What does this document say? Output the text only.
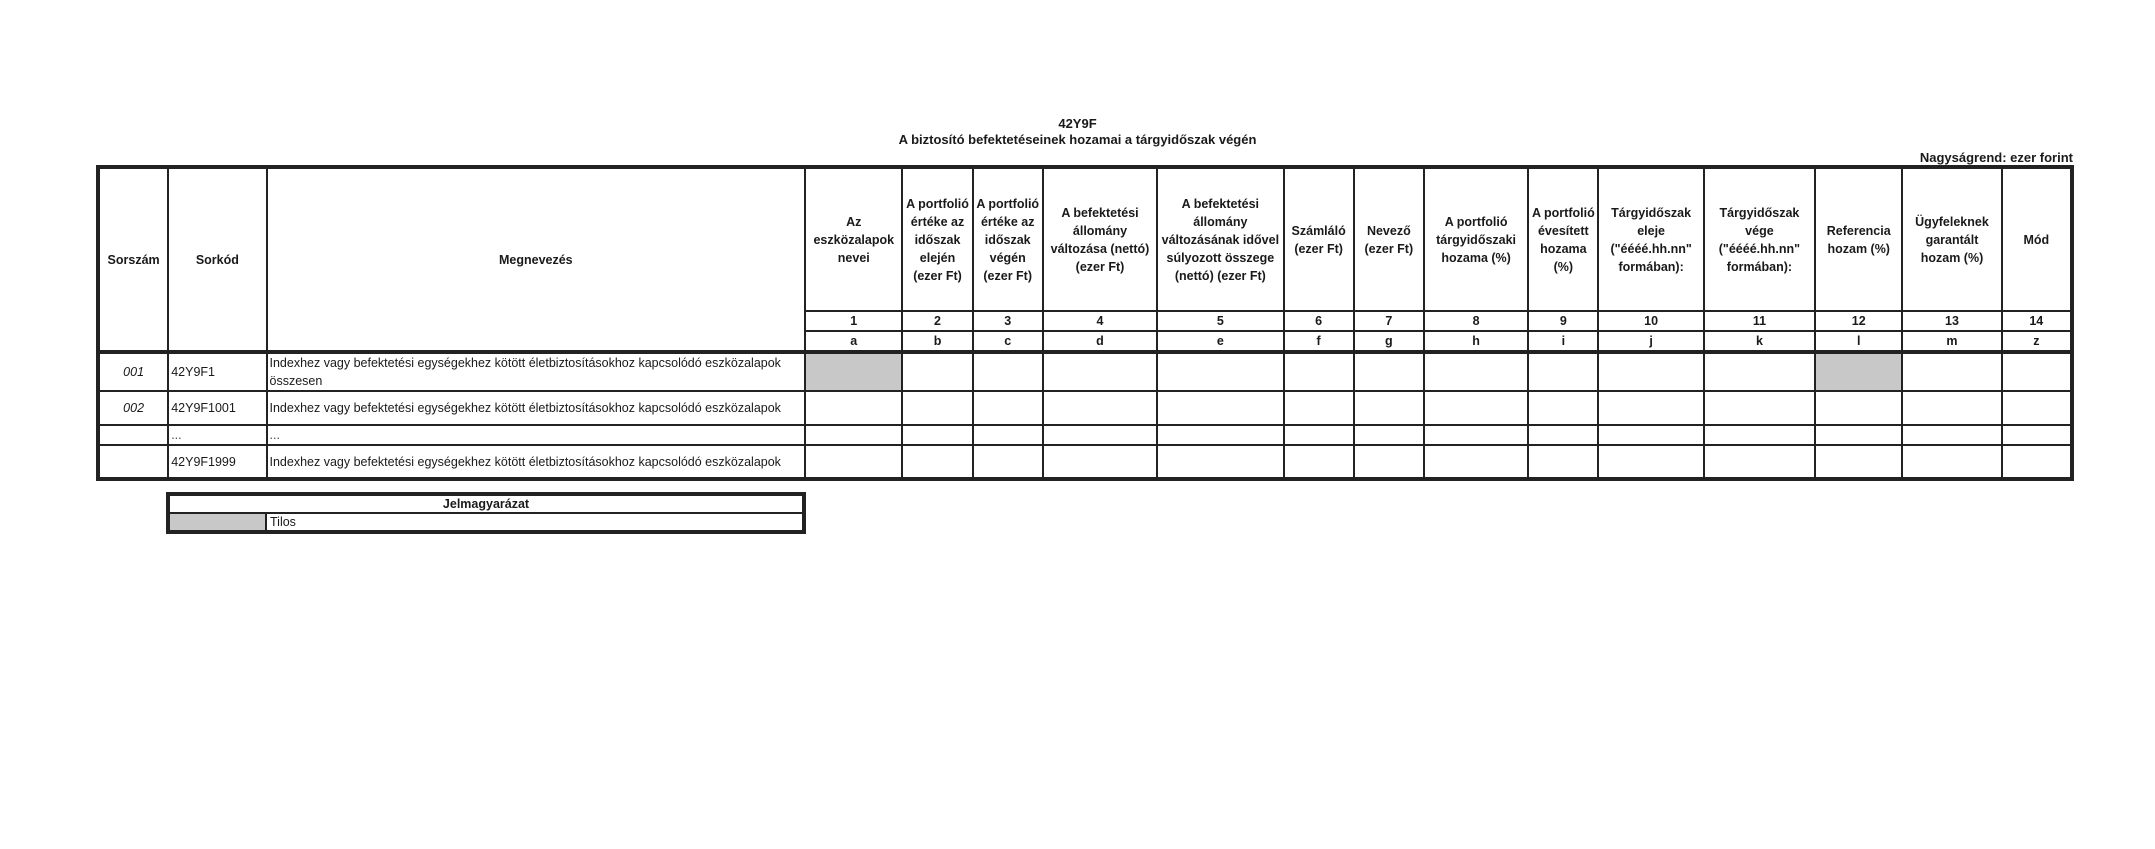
42Y9F
A biztosító befektetéseinek hozamai a tárgyidőszak végén
Nagyságrend: ezer forint
Sorszám	Sorkód	Megnevezés	Az eszközalapok nevei	A portfolió értéke az időszak elején (ezer Ft)	A portfolió értéke az időszak végén (ezer Ft)	A befektetési állomány változása (nettó) (ezer Ft)	A befektetési állomány változásának idővel súlyozott összege (nettó) (ezer Ft)	Számláló (ezer Ft)	Nevező (ezer Ft)	A portfolió tárgyidőszaki hozama (%)	A portfolió évesített hozama (%)	Tárgyidőszak eleje ("éééé.hh.nn" formában):	Tárgyidőszak vége ("éééé.hh.nn" formában):	Referencia hozam (%)	Ügyfeleknek garantált hozam (%)	Mód
			1	2	3	4	5	6	7	8	9	10	11	12	13	14
			a	b	c	d	e	f	g	h	i	j	k	l	m	z
001	42Y9F1	Indexhez vagy befektetési egységekhez kötött életbiztosításokhoz kapcsolódó eszközalapok összesen														
002	42Y9F1001	Indexhez vagy befektetési egységekhez kötött életbiztosításokhoz kapcsolódó eszközalapok														
	...	...														
	42Y9F1999	Indexhez vagy befektetési egységekhez kötött életbiztosításokhoz kapcsolódó eszközalapok														
Jelmagyarázat
	Tilos
